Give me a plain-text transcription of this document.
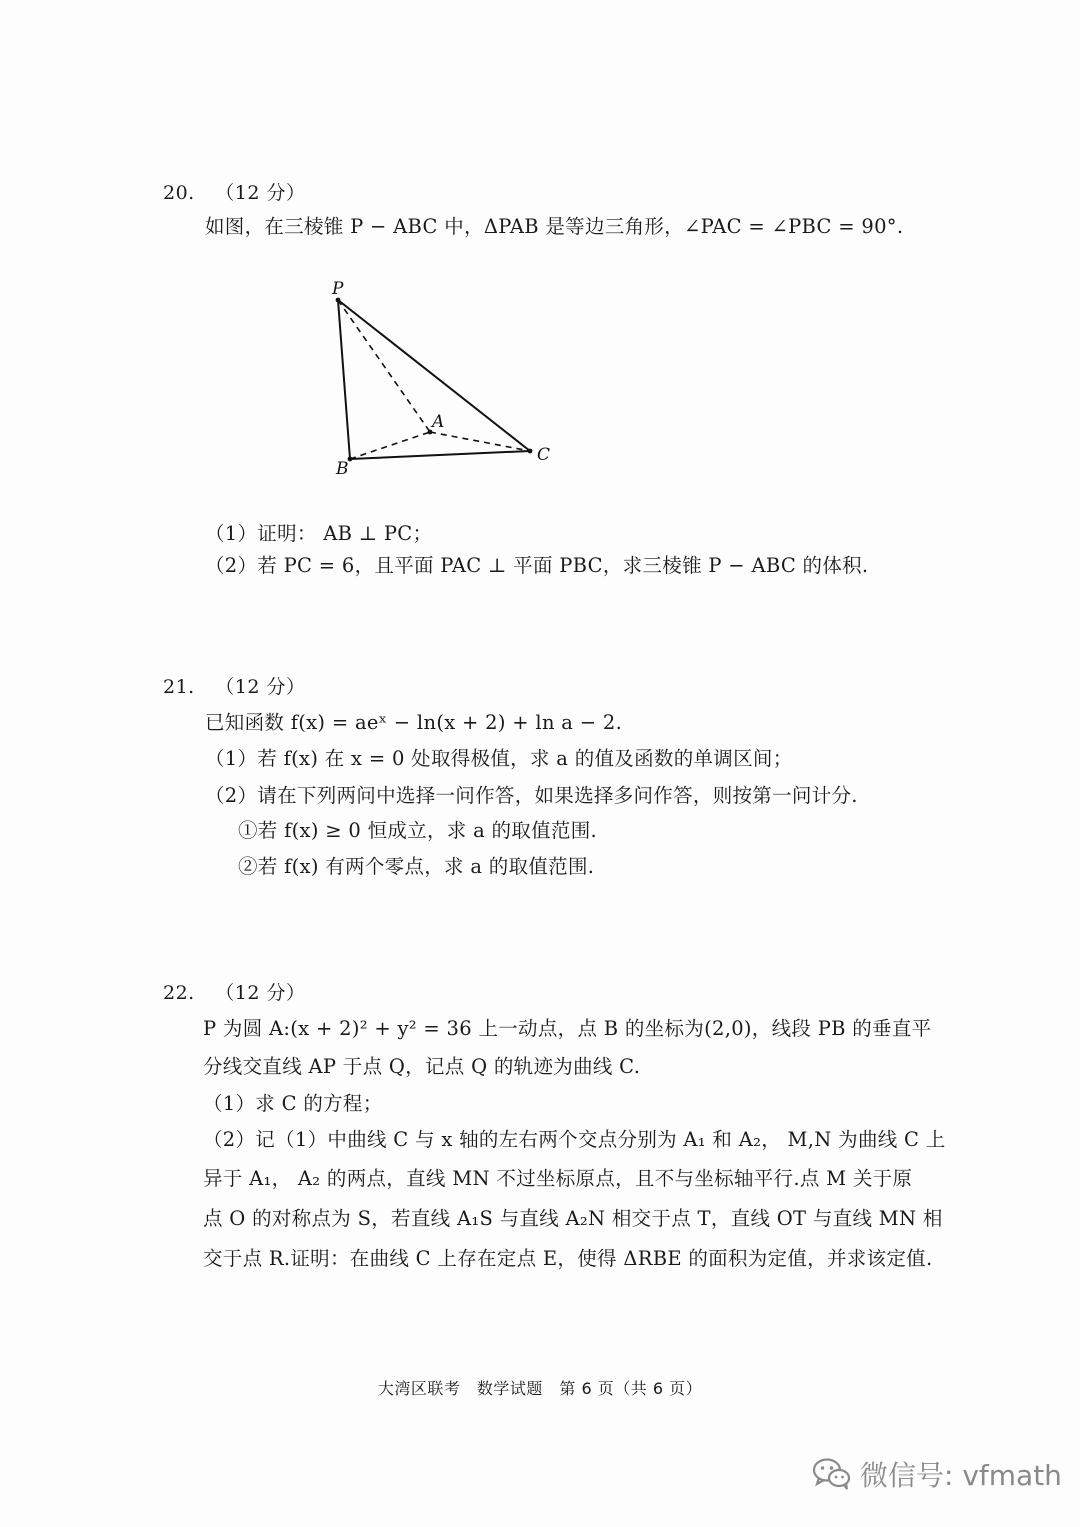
20. （12 分）
如图，在三棱锥 P − ABC 中，ΔPAB 是等边三角形，∠PAC = ∠PBC = 90°.
P
A
B
C
（1）证明： AB ⊥ PC；
（2）若 PC = 6，且平面 PAC ⊥ 平面 PBC，求三棱锥 P − ABC 的体积.
21. （12 分）
已知函数 f(x) = aeˣ − ln(x + 2) + ln a − 2.
（1）若 f(x) 在 x = 0 处取得极值，求 a 的值及函数的单调区间；
（2）请在下列两问中选择一问作答，如果选择多问作答，则按第一问计分.
①若 f(x) ≥ 0 恒成立，求 a 的取值范围.
②若 f(x) 有两个零点，求 a 的取值范围.
22. （12 分）
P 为圆 A:(x + 2)² + y² = 36 上一动点，点 B 的坐标为(2,0)，线段 PB 的垂直平
分线交直线 AP 于点 Q，记点 Q 的轨迹为曲线 C.
（1）求 C 的方程；
（2）记（1）中曲线 C 与 x 轴的左右两个交点分别为 A₁ 和 A₂， M,N 为曲线 C 上
异于 A₁， A₂ 的两点，直线 MN 不过坐标原点，且不与坐标轴平行.点 M 关于原
点 O 的对称点为 S，若直线 A₁S 与直线 A₂N 相交于点 T，直线 OT 与直线 MN 相
交于点 R.证明：在曲线 C 上存在定点 E，使得 ΔRBE 的面积为定值，并求该定值.
大湾区联考　数学试题　第 6 页（共 6 页）
微信号: vfmath
